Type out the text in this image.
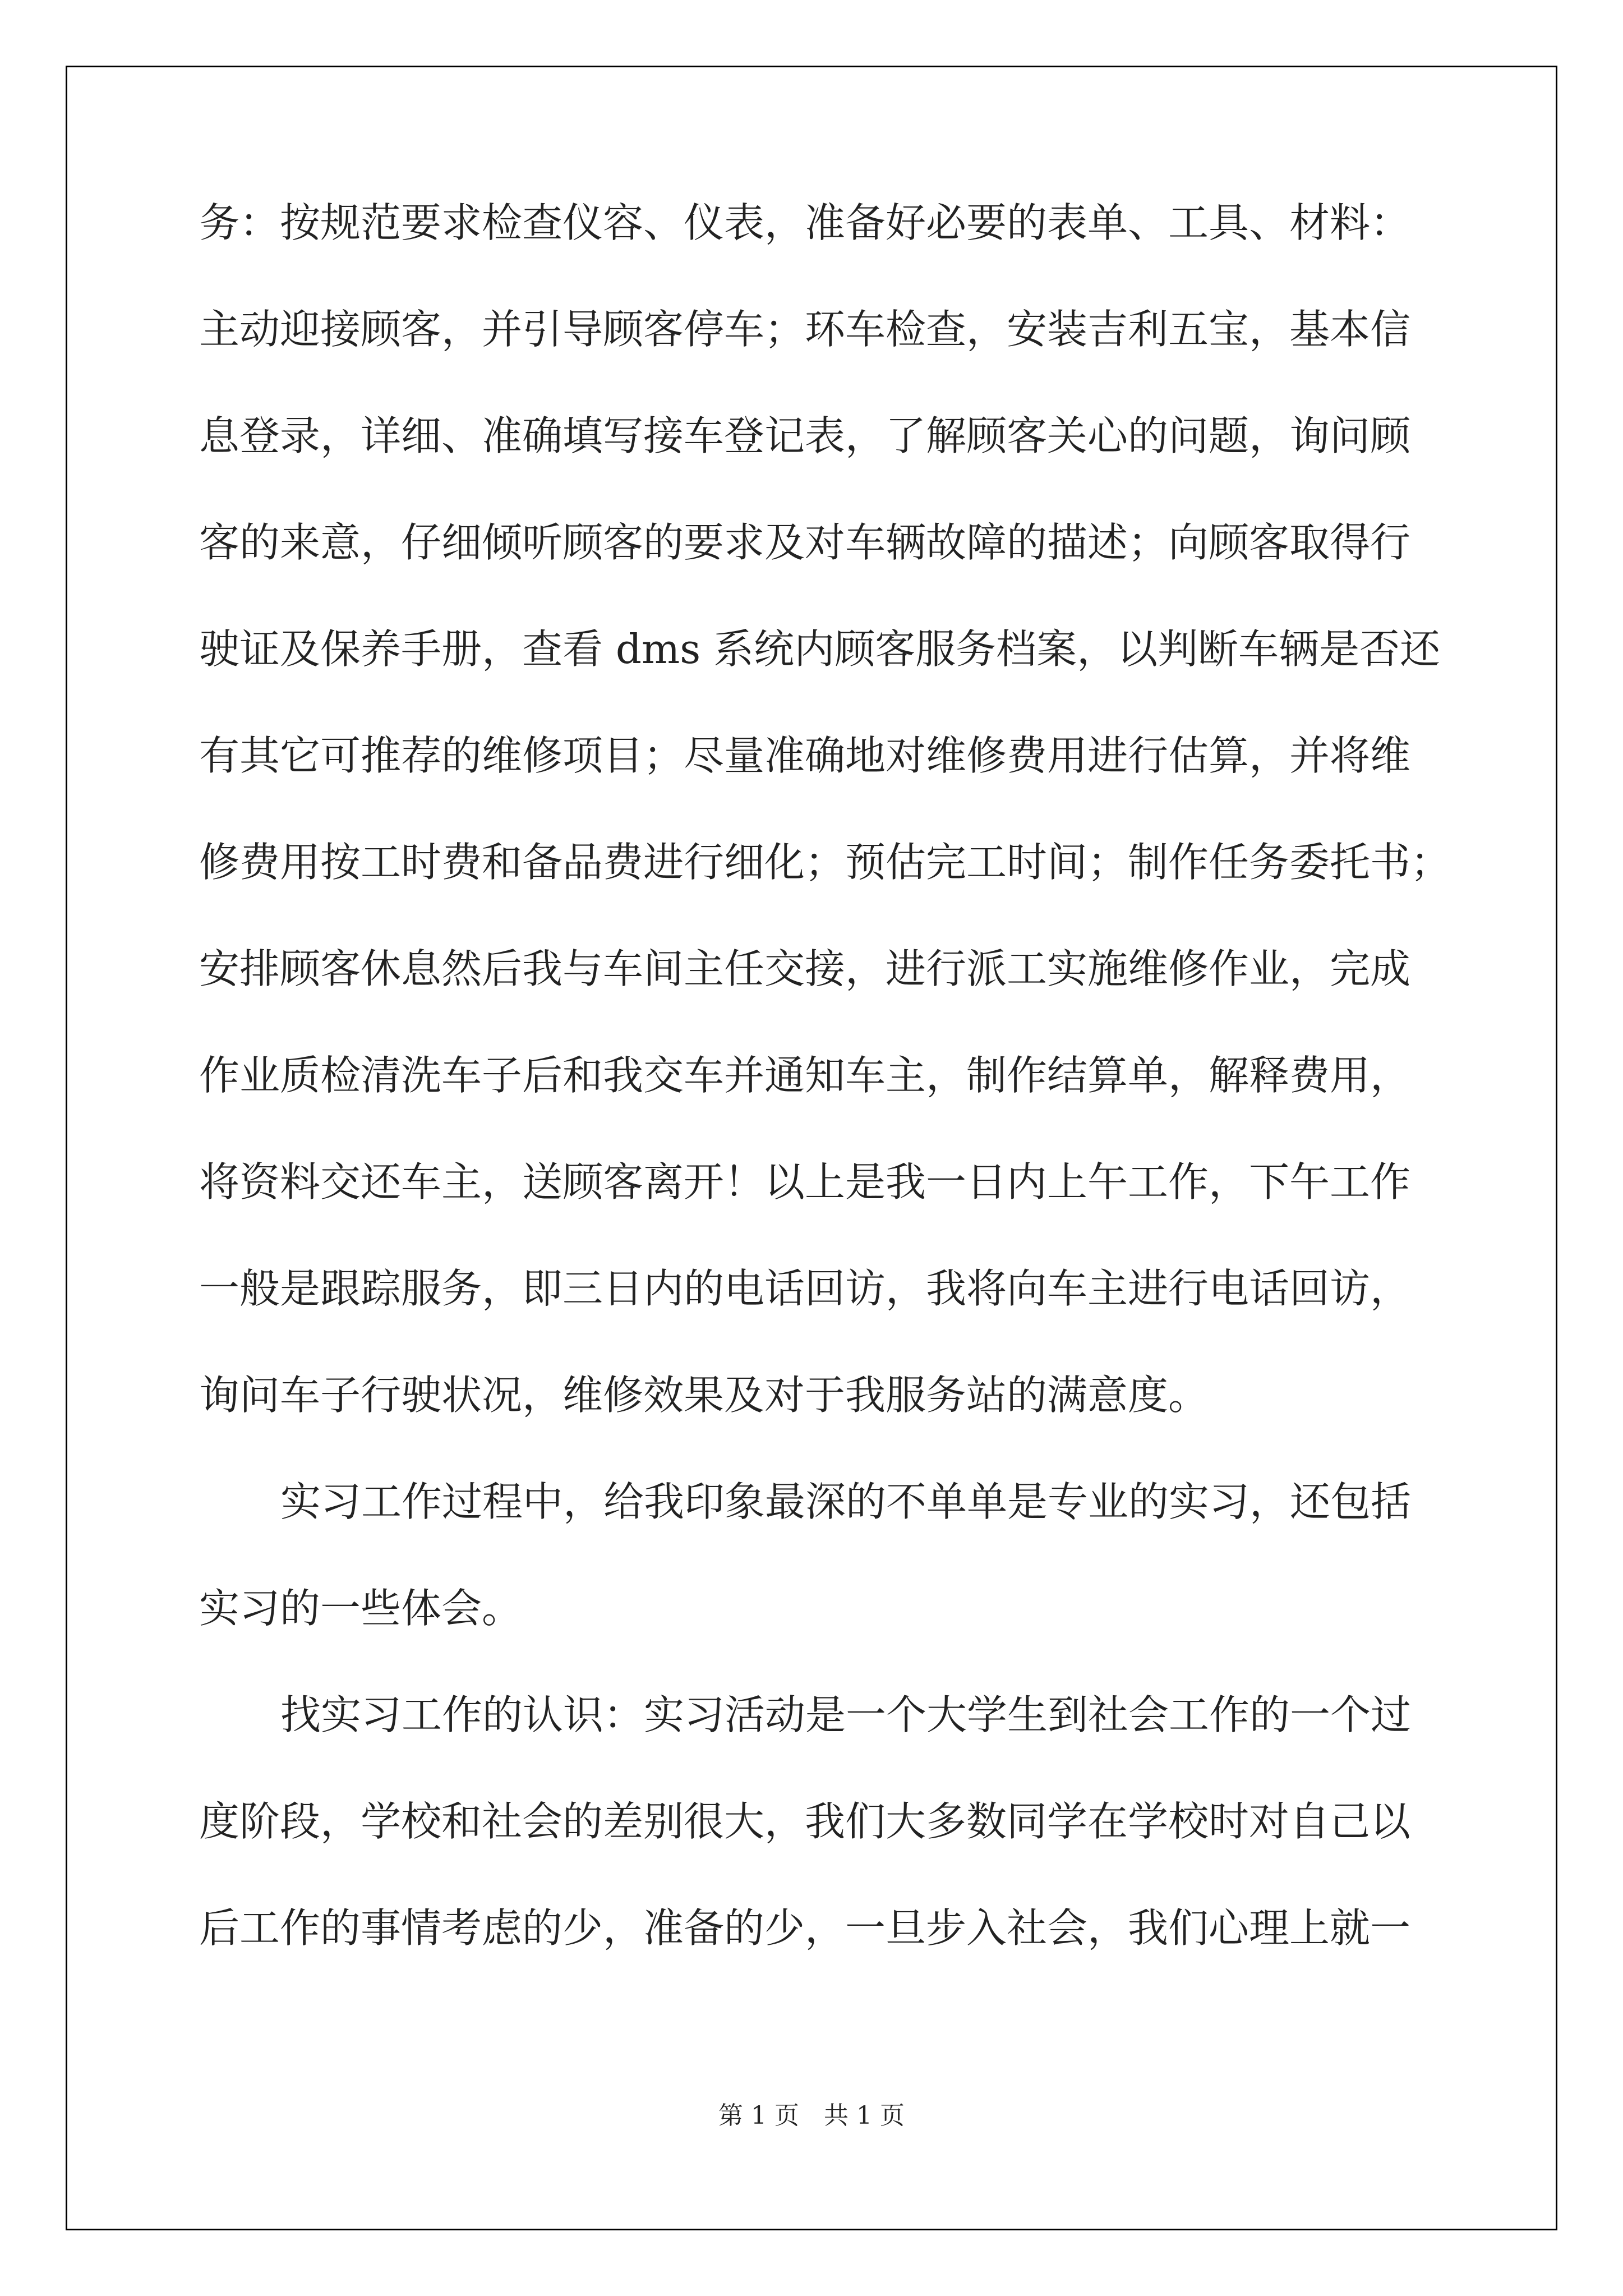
务：按规范要求检查仪容、仪表，准备好必要的表单、工具、材料：
主动迎接顾客，并引导顾客停车；环车检查，安装吉利五宝，基本信
息登录，详细、准确填写接车登记表，了解顾客关心的问题，询问顾
客的来意，仔细倾听顾客的要求及对车辆故障的描述；向顾客取得行
驶证及保养手册，查看 dms 系统内顾客服务档案，以判断车辆是否还
有其它可推荐的维修项目；尽量准确地对维修费用进行估算，并将维
修费用按工时费和备品费进行细化；预估完工时间；制作任务委托书；
安排顾客休息然后我与车间主任交接，进行派工实施维修作业，完成
作业质检清洗车子后和我交车并通知车主，制作结算单，解释费用，
将资料交还车主，送顾客离开！以上是我一日内上午工作，下午工作
一般是跟踪服务，即三日内的电话回访，我将向车主进行电话回访，
询问车子行驶状况，维修效果及对于我服务站的满意度。
实习工作过程中，给我印象最深的不单单是专业的实习，还包括
实习的一些体会。
找实习工作的认识：实习活动是一个大学生到社会工作的一个过
度阶段，学校和社会的差别很大，我们大多数同学在学校时对自己以
后工作的事情考虑的少，准备的少，一旦步入社会，我们心理上就一
第 1 页　共 1 页
